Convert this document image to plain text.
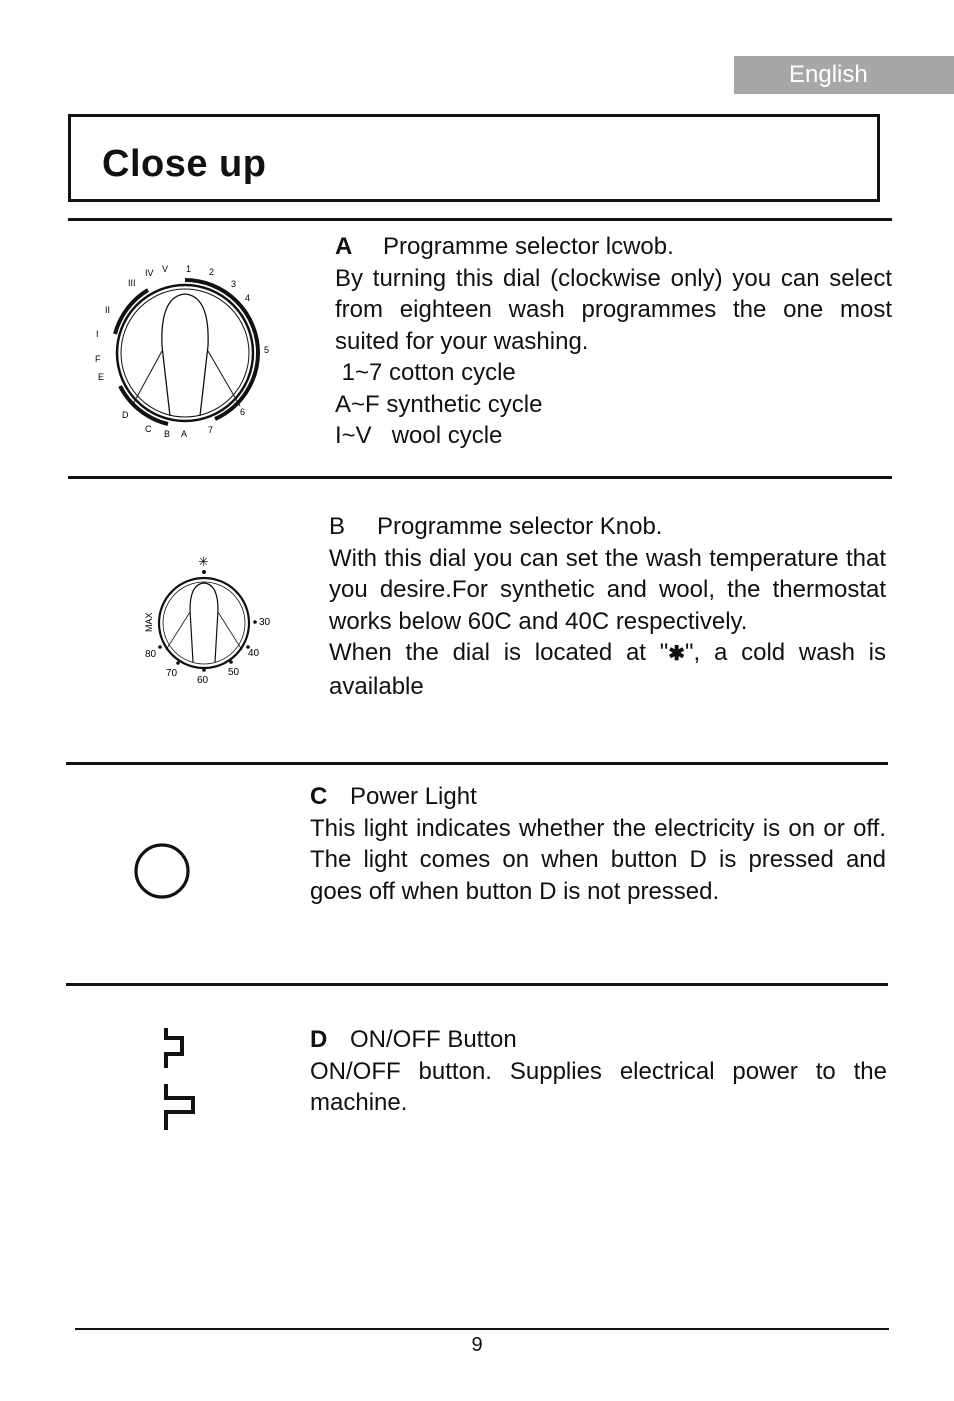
English
Close up
V
IV
III
II
I
F
E
D
C B A 7
6
5
4
3
2
1

A Programme selector lcwob.

By turning this dial (clockwise only) you can select from eighteen wash programmes the one most suited for your washing.

1~7 cotton cycle

A~F synthetic cycle

I~V   wool cycle

✳
MAX	30
40
50
60
70
80

B Programme selector Knob.

With this dial you can set the wash temperature that you desire.For synthetic and wool, the thermostat works below 60C and 40C respectively.

When the dial is located at "✱", a cold wash is available

C Power Light

This light indicates whether the electricity is on or off. The light comes on when button D is pressed and goes off when button D is not pressed.

D ON/OFF Button

ON/OFF button. Supplies electrical power to the machine.

9
